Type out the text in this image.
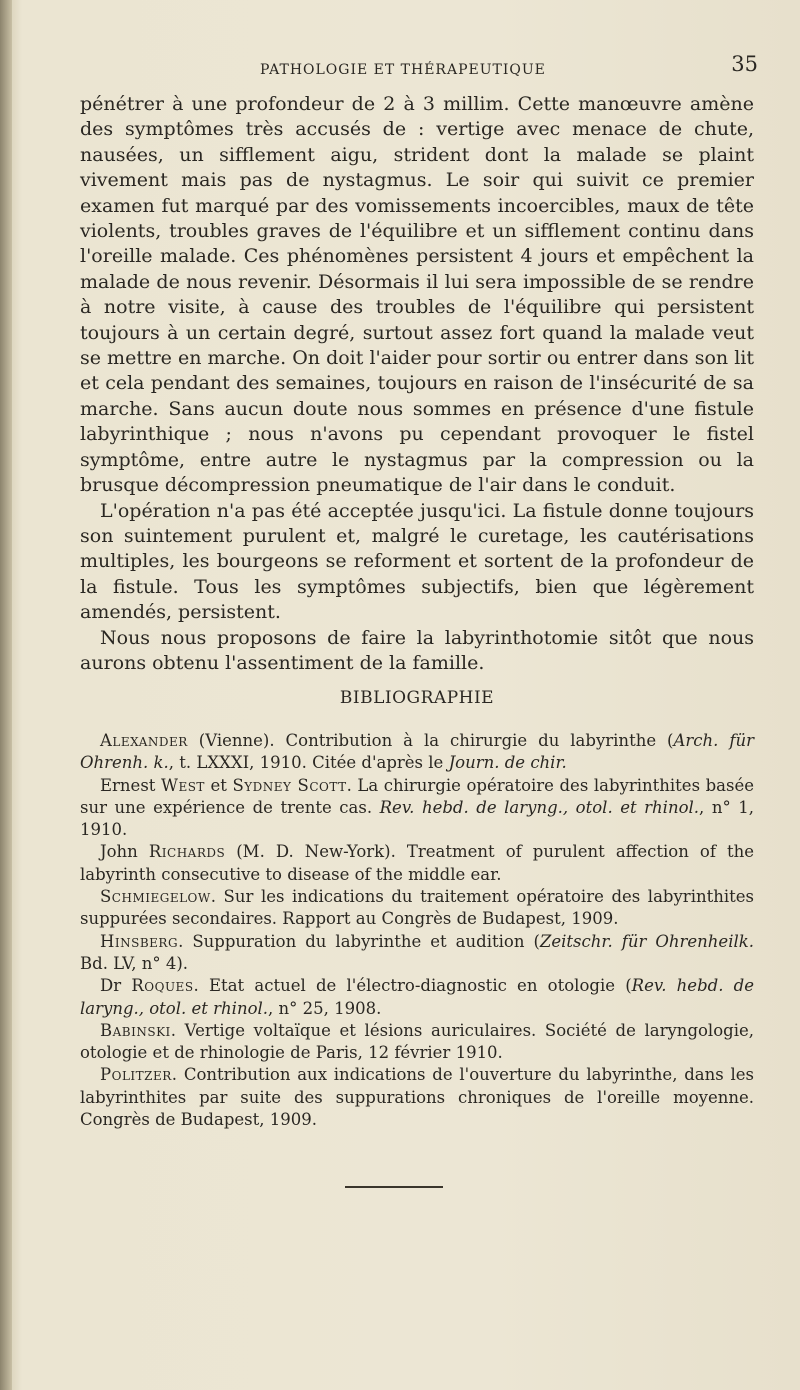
PATHOLOGIE ET THÉRAPEUTIQUE	35

pénétrer à une profondeur de 2 à 3 millim. Cette manœuvre amène des symptômes très accusés de : vertige avec menace de chute, nausées, un sifflement aigu, strident dont la malade se plaint vivement mais pas de nystagmus. Le soir qui suivit ce premier examen fut marqué par des vomissements incoercibles, maux de tête violents, troubles graves de l'équilibre et un sifflement continu dans l'oreille malade. Ces phénomènes persistent 4 jours et empêchent la malade de nous revenir. Désormais il lui sera impossible de se rendre à notre visite, à cause des troubles de l'équilibre qui persistent toujours à un certain degré, surtout assez fort quand la malade veut se mettre en marche. On doit l'aider pour sortir ou entrer dans son lit et cela pendant des semaines, toujours en raison de l'insécurité de sa marche. Sans aucun doute nous sommes en présence d'une fistule labyrinthique ; nous n'avons pu cependant provoquer le fistel symptôme, entre autre le nystagmus par la compression ou la brusque décompression pneumatique de l'air dans le conduit.

L'opération n'a pas été acceptée jusqu'ici. La fistule donne toujours son suintement purulent et, malgré le curetage, les cautérisations multiples, les bourgeons se reforment et sortent de la profondeur de la fistule. Tous les symptômes subjectifs, bien que légèrement amendés, persistent.

Nous nous proposons de faire la labyrinthotomie sitôt que nous aurons obtenu l'assentiment de la famille.

BIBLIOGRAPHIE

Alexander (Vienne). Contribution à la chirurgie du labyrinthe (Arch. für Ohrenh. k., t. LXXXI, 1910. Citée d'après le Journ. de chir.

Ernest West et Sydney Scott. La chirurgie opératoire des labyrinthites basée sur une expérience de trente cas. Rev. hebd. de laryng., otol. et rhinol., n° 1, 1910.

John Richards (M. D. New-York). Treatment of purulent affection of the labyrinth consecutive to disease of the middle ear.

Schmiegelow. Sur les indications du traitement opératoire des labyrinthites suppurées secondaires. Rapport au Congrès de Budapest, 1909.

Hinsberg. Suppuration du labyrinthe et audition (Zeitschr. für Ohrenheilk. Bd. LV, n° 4).

Dr Roques. Etat actuel de l'électro-diagnostic en otologie (Rev. hebd. de laryng., otol. et rhinol., n° 25, 1908.

Babinski. Vertige voltaïque et lésions auriculaires. Société de laryngologie, otologie et de rhinologie de Paris, 12 février 1910.

Politzer. Contribution aux indications de l'ouverture du labyrinthe, dans les labyrinthites par suite des suppurations chroniques de l'oreille moyenne. Congrès de Budapest, 1909.
